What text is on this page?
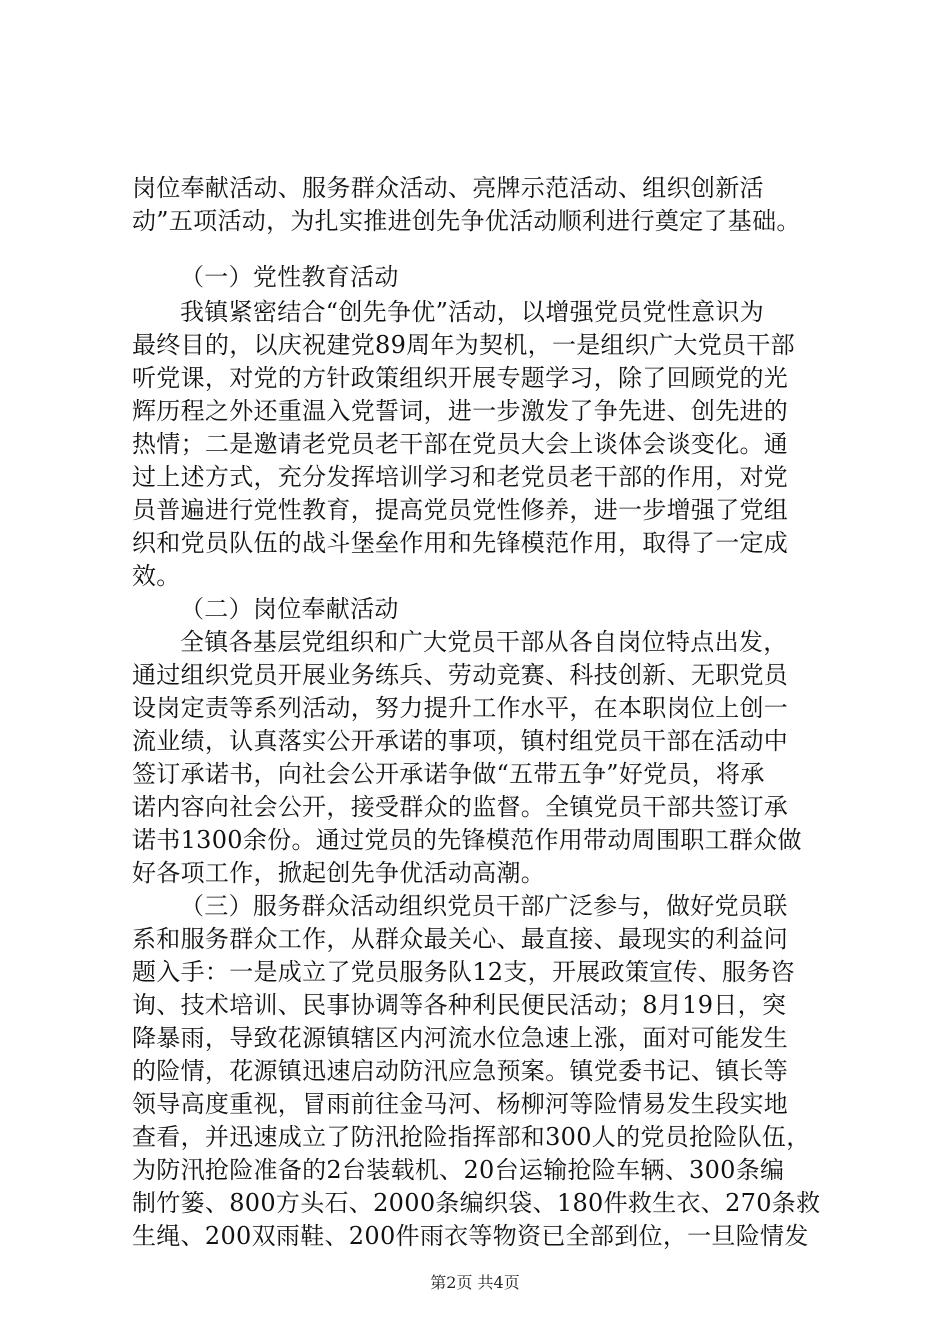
岗位奉献活动、服务群众活动、亮牌示范活动、组织创新活
动”五项活动，为扎实推进创先争优活动顺利进行奠定了基础。
（一）党性教育活动
我镇紧密结合“创先争优”活动，以增强党员党性意识为
最终目的，以庆祝建党89周年为契机，一是组织广大党员干部
听党课，对党的方针政策组织开展专题学习，除了回顾党的光
辉历程之外还重温入党誓词，进一步激发了争先进、创先进的
热情；二是邀请老党员老干部在党员大会上谈体会谈变化。通
过上述方式，充分发挥培训学习和老党员老干部的作用，对党
员普遍进行党性教育，提高党员党性修养，进一步增强了党组
织和党员队伍的战斗堡垒作用和先锋模范作用，取得了一定成
效。
（二）岗位奉献活动
全镇各基层党组织和广大党员干部从各自岗位特点出发，
通过组织党员开展业务练兵、劳动竞赛、科技创新、无职党员
设岗定责等系列活动，努力提升工作水平，在本职岗位上创一
流业绩，认真落实公开承诺的事项，镇村组党员干部在活动中
签订承诺书，向社会公开承诺争做“五带五争”好党员，将承
诺内容向社会公开，接受群众的监督。全镇党员干部共签订承
诺书1300余份。通过党员的先锋模范作用带动周围职工群众做
好各项工作，掀起创先争优活动高潮。
（三）服务群众活动组织党员干部广泛参与，做好党员联
系和服务群众工作，从群众最关心、最直接、最现实的利益问
题入手：一是成立了党员服务队12支，开展政策宣传、服务咨
询、技术培训、民事协调等各种利民便民活动；8月19日，突
降暴雨，导致花源镇辖区内河流水位急速上涨，面对可能发生
的险情，花源镇迅速启动防汛应急预案。镇党委书记、镇长等
领导高度重视，冒雨前往金马河、杨柳河等险情易发生段实地
查看，并迅速成立了防汛抢险指挥部和300人的党员抢险队伍，
为防汛抢险准备的2台装载机、20台运输抢险车辆、300条编
制竹篓、800方头石、2000条编织袋、180件救生衣、270条救
生绳、200双雨鞋、200件雨衣等物资已全部到位，一旦险情发
第2页 共4页
